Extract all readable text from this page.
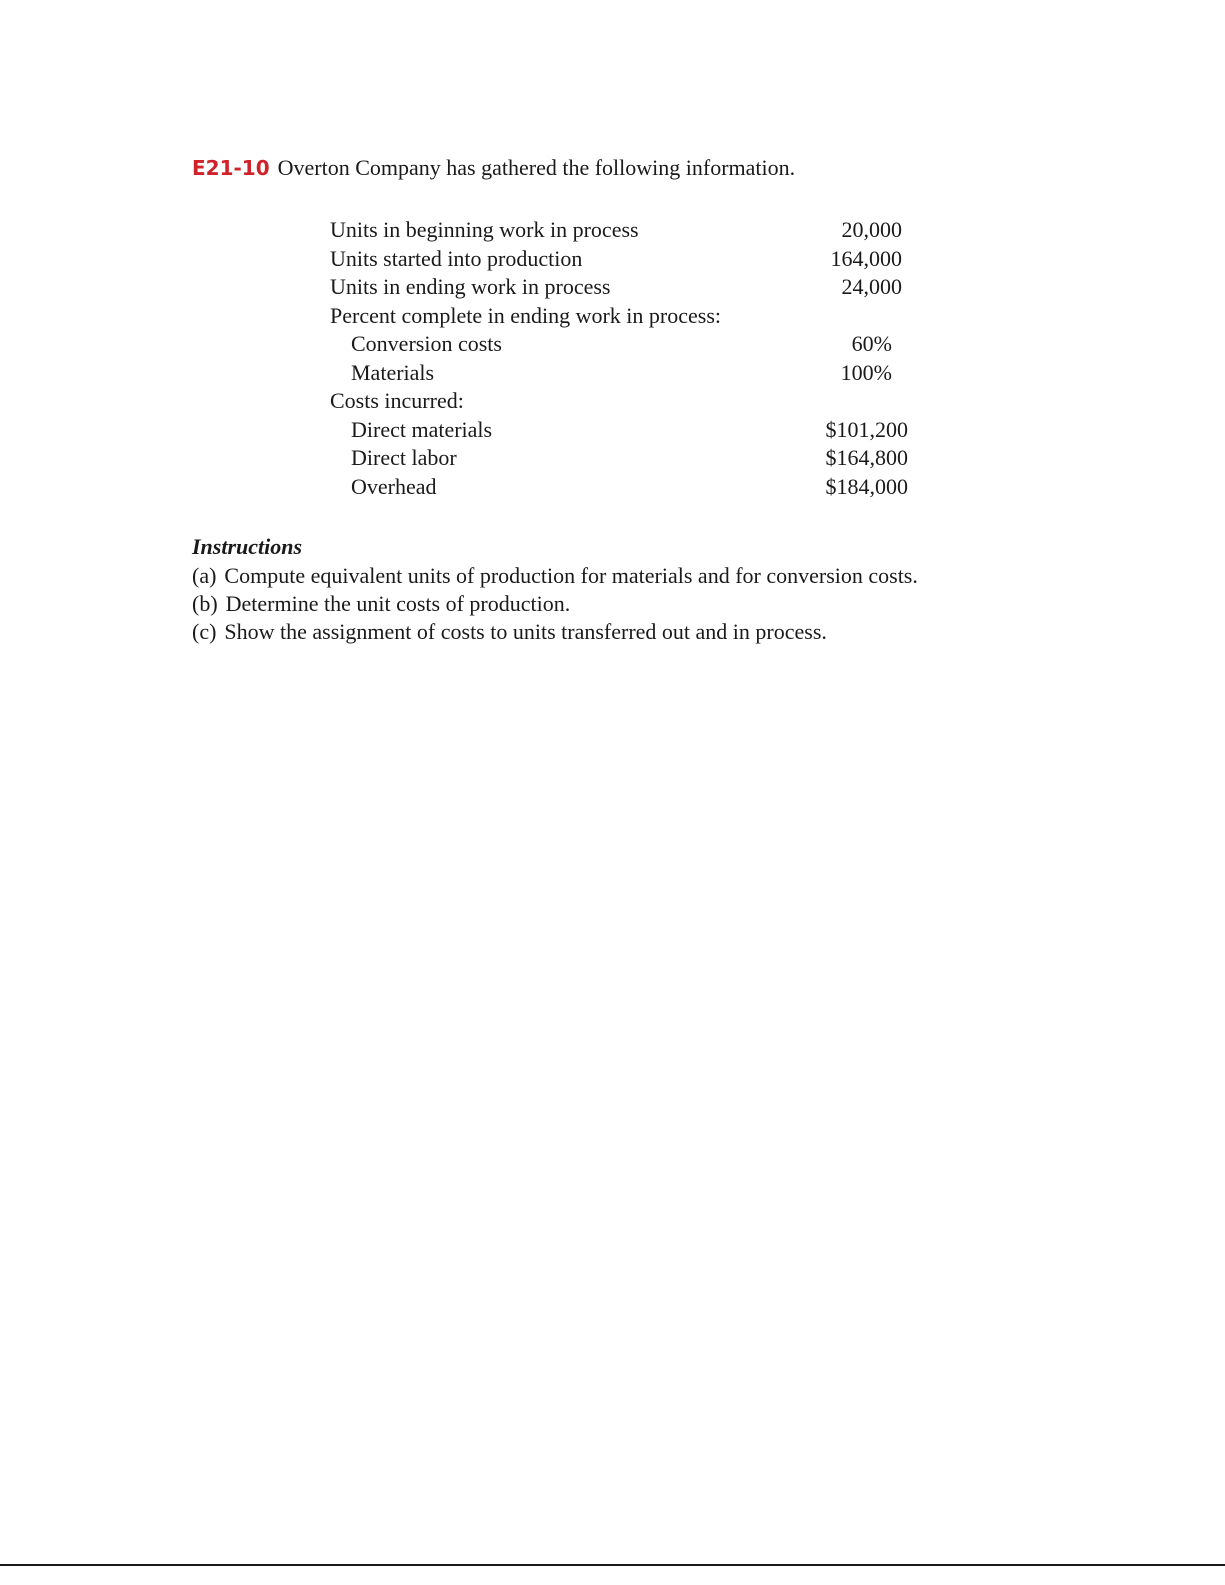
E21-10 Overton Company has gathered the following information.
Units in beginning work in process	20,000
Units started into production	164,000
Units in ending work in process	24,000
Percent complete in ending work in process:
Conversion costs	60%
Materials	100%
Costs incurred:
Direct materials	$101,200
Direct labor	$164,800
Overhead	$184,000
Instructions
(a) Compute equivalent units of production for materials and for conversion costs.
(b) Determine the unit costs of production.
(c) Show the assignment of costs to units transferred out and in process.
